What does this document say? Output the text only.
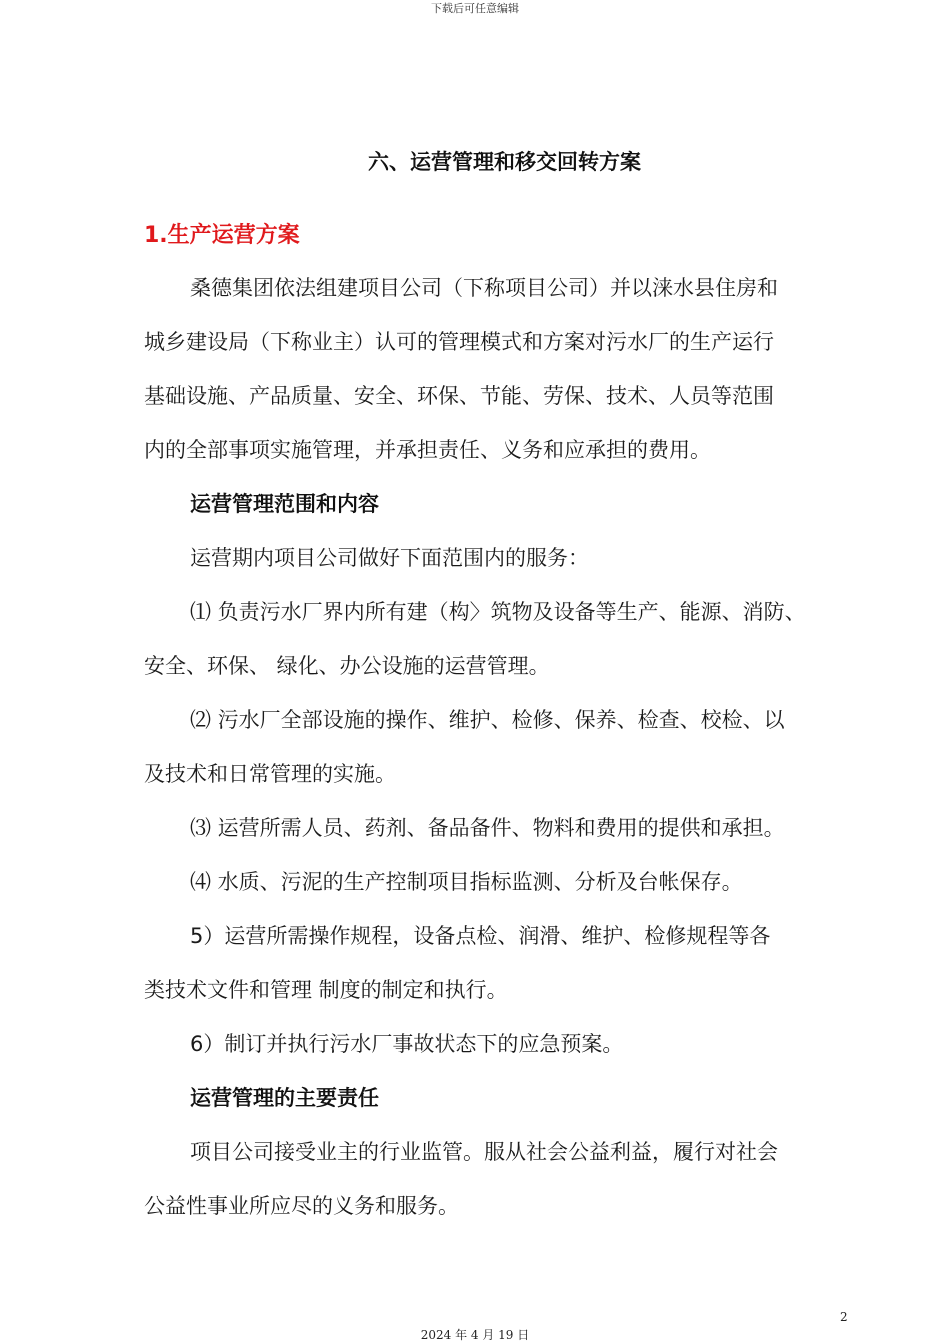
下载后可任意编辑
六、运营管理和移交回转方案
1.生产运营方案
桑德集团依法组建项目公司（下称项目公司）并以涞水县住房和
城乡建设局（下称业主）认可的管理模式和方案对污水厂的生产运行
基础设施、产品质量、安全、环保、节能、劳保、技术、人员等范围
内的全部事项实施管理，并承担责任、义务和应承担的费用。
运营管理范围和内容
运营期内项目公司做好下面范围内的服务：
⑴ 负责污水厂界内所有建（构〉筑物及设备等生产、能源、消防、
安全、环保、 绿化、办公设施的运营管理。
⑵ 污水厂全部设施的操作、维护、检修、保养、检查、校检、以
及技术和日常管理的实施。
⑶ 运营所需人员、药剂、备品备件、物料和费用的提供和承担。
⑷ 水质、污泥的生产控制项目指标监测、分析及台帐保存。
5）运营所需操作规程，设备点检、润滑、维护、检修规程等各
类技术文件和管理 制度的制定和执行。
6）制订并执行污水厂事故状态下的应急预案。
运营管理的主要责任
项目公司接受业主的行业监管。服从社会公益利益，履行对社会
公益性事业所应尽的义务和服务。
2
2024 年 4 月 19 日
